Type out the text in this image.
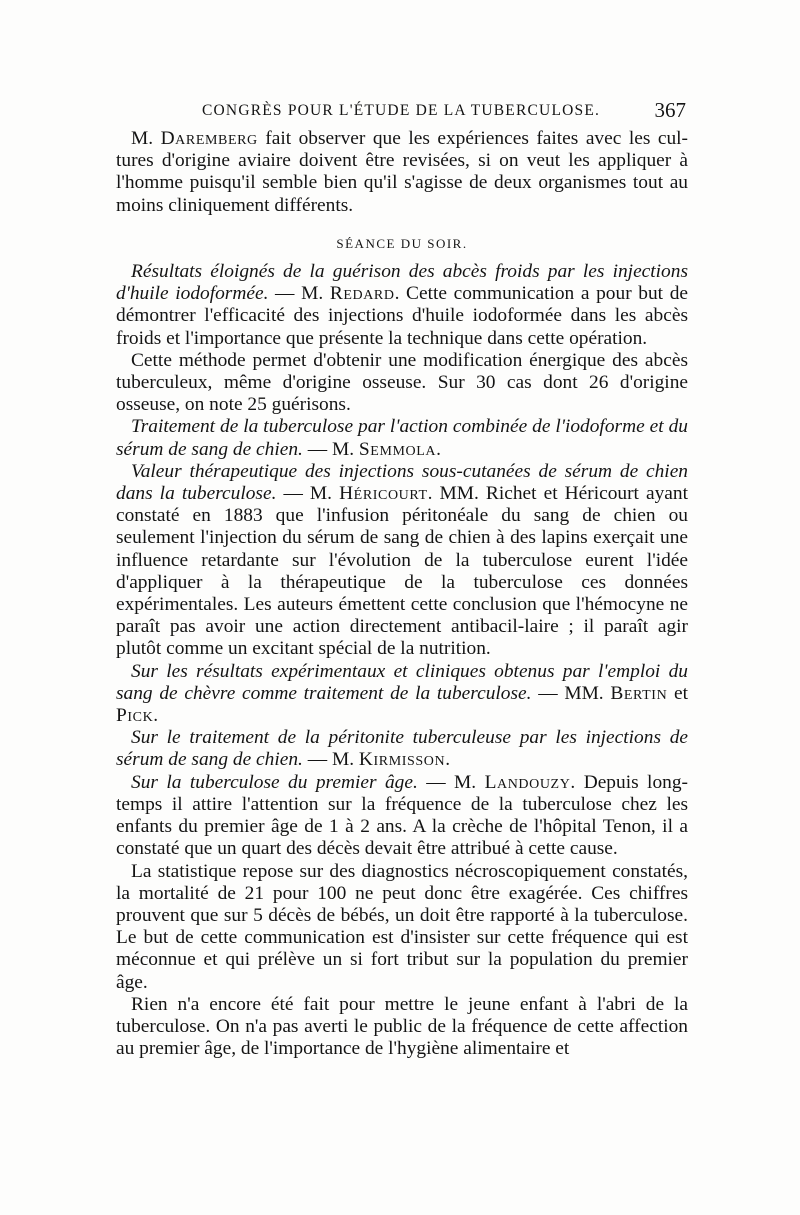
CONGRÈS POUR L'ÉTUDE DE LA TUBERCULOSE.	367

M. Daremberg fait observer que les expériences faites avec les cul-tures d'origine aviaire doivent être revisées, si on veut les appliquer à l'homme puisqu'il semble bien qu'il s'agisse de deux organismes tout au moins cliniquement différents.

SÉANCE DU SOIR.

Résultats éloignés de la guérison des abcès froids par les injections d'huile iodoformée. — M. Redard. Cette communication a pour but de démontrer l'efficacité des injections d'huile iodoformée dans les abcès froids et l'importance que présente la technique dans cette opération.

Cette méthode permet d'obtenir une modification énergique des abcès tuberculeux, même d'origine osseuse. Sur 30 cas dont 26 d'origine osseuse, on note 25 guérisons.

Traitement de la tuberculose par l'action combinée de l'iodoforme et du sérum de sang de chien. — M. Semmola.

Valeur thérapeutique des injections sous-cutanées de sérum de chien dans la tuberculose. — M. Héricourt. MM. Richet et Héricourt ayant constaté en 1883 que l'infusion péritonéale du sang de chien ou seulement l'injection du sérum de sang de chien à des lapins exerçait une influence retardante sur l'évolution de la tuberculose eurent l'idée d'appliquer à la thérapeutique de la tuberculose ces données expérimentales. Les auteurs émettent cette conclusion que l'hémocyne ne paraît pas avoir une action directement antibacil-laire ; il paraît agir plutôt comme un excitant spécial de la nutrition.

Sur les résultats expérimentaux et cliniques obtenus par l'emploi du sang de chèvre comme traitement de la tuberculose. — MM. Bertin et Pick.

Sur le traitement de la péritonite tuberculeuse par les injections de sérum de sang de chien. — M. Kirmisson.

Sur la tuberculose du premier âge. — M. Landouzy. Depuis long-temps il attire l'attention sur la fréquence de la tuberculose chez les enfants du premier âge de 1 à 2 ans. A la crèche de l'hôpital Tenon, il a constaté que un quart des décès devait être attribué à cette cause.

La statistique repose sur des diagnostics nécroscopiquement constatés, la mortalité de 21 pour 100 ne peut donc être exagérée. Ces chiffres prouvent que sur 5 décès de bébés, un doit être rapporté à la tuberculose. Le but de cette communication est d'insister sur cette fréquence qui est méconnue et qui prélève un si fort tribut sur la population du premier âge.

Rien n'a encore été fait pour mettre le jeune enfant à l'abri de la tuberculose. On n'a pas averti le public de la fréquence de cette affection au premier âge, de l'importance de l'hygiène alimentaire et
